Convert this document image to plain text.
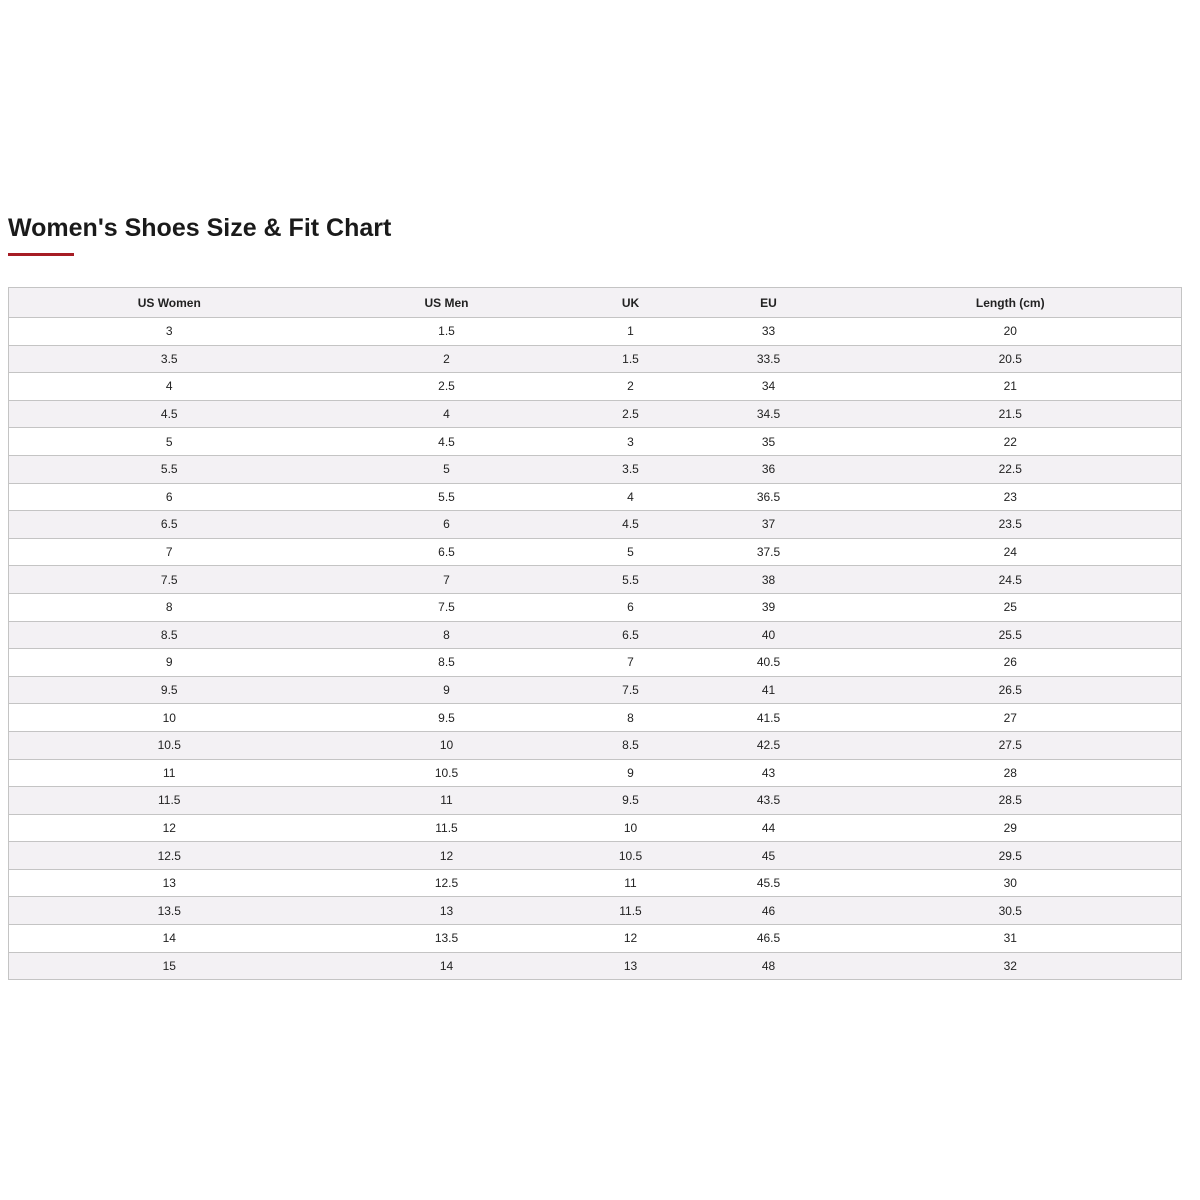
Women's Shoes Size & Fit Chart
US Women	US Men	UK	EU	Length (cm)
3	1.5	1	33	20
3.5	2	1.5	33.5	20.5
4	2.5	2	34	21
4.5	4	2.5	34.5	21.5
5	4.5	3	35	22
5.5	5	3.5	36	22.5
6	5.5	4	36.5	23
6.5	6	4.5	37	23.5
7	6.5	5	37.5	24
7.5	7	5.5	38	24.5
8	7.5	6	39	25
8.5	8	6.5	40	25.5
9	8.5	7	40.5	26
9.5	9	7.5	41	26.5
10	9.5	8	41.5	27
10.5	10	8.5	42.5	27.5
11	10.5	9	43	28
11.5	11	9.5	43.5	28.5
12	11.5	10	44	29
12.5	12	10.5	45	29.5
13	12.5	11	45.5	30
13.5	13	11.5	46	30.5
14	13.5	12	46.5	31
15	14	13	48	32
